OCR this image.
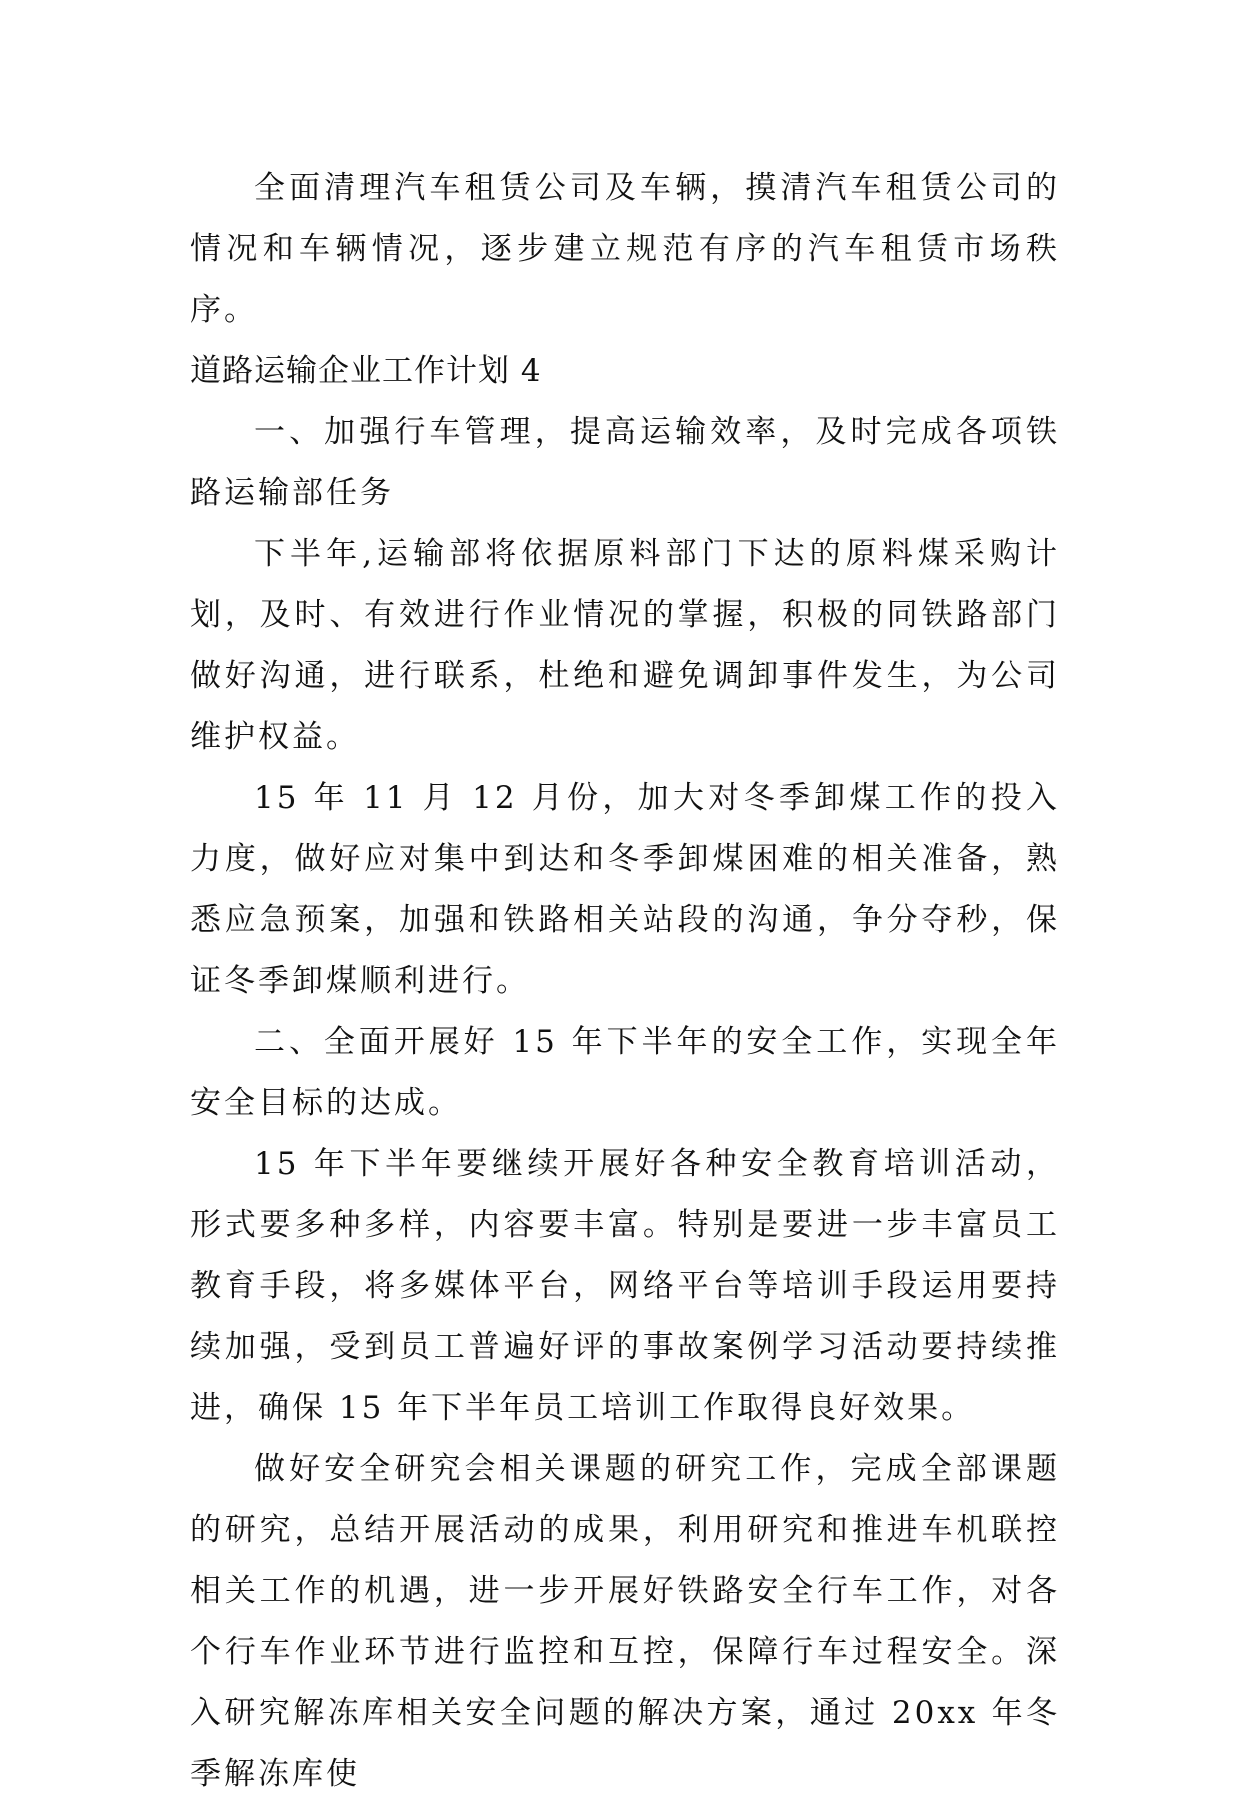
全面清理汽车租赁公司及车辆，摸清汽车租赁公司的情况和车辆情况，逐步建立规范有序的汽车租赁市场秩序。

道路运输企业工作计划 4

一、加强行车管理，提高运输效率，及时完成各项铁路运输部任务

下半年,运输部将依据原料部门下达的原料煤采购计划，及时、有效进行作业情况的掌握，积极的同铁路部门做好沟通，进行联系，杜绝和避免调卸事件发生，为公司维护权益。

15 年 11 月 12 月份，加大对冬季卸煤工作的投入力度，做好应对集中到达和冬季卸煤困难的相关准备，熟悉应急预案，加强和铁路相关站段的沟通，争分夺秒，保证冬季卸煤顺利进行。

二、全面开展好 15 年下半年的安全工作，实现全年安全目标的达成。

15 年下半年要继续开展好各种安全教育培训活动，形式要多种多样，内容要丰富。特别是要进一步丰富员工教育手段，将多媒体平台，网络平台等培训手段运用要持续加强，受到员工普遍好评的事故案例学习活动要持续推进，确保 15 年下半年员工培训工作取得良好效果。

做好安全研究会相关课题的研究工作，完成全部课题的研究，总结开展活动的成果，利用研究和推进车机联控相关工作的机遇，进一步开展好铁路安全行车工作，对各个行车作业环节进行监控和互控，保障行车过程安全。深入研究解冻库相关安全问题的解决方案，通过 20xx 年冬季解冻库使
